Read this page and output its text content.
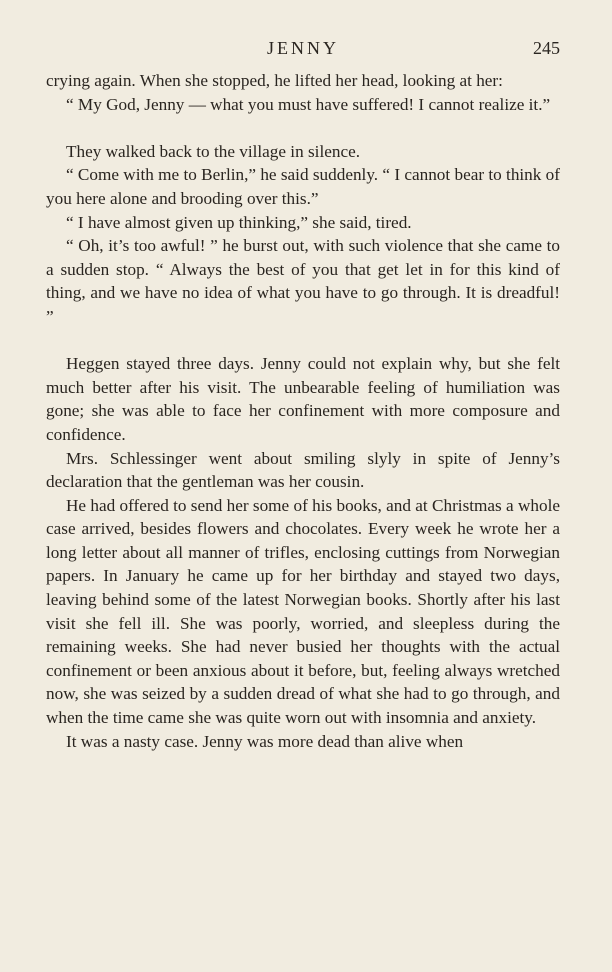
JENNY	245

crying again. When she stopped, he lifted her head, looking at her:

“ My God, Jenny — what you must have suffered! I cannot realize it.”

They walked back to the village in silence.

“ Come with me to Berlin,” he said suddenly. “ I cannot bear to think of you here alone and brooding over this.”

“ I have almost given up thinking,” she said, tired.

“ Oh, it’s too awful! ” he burst out, with such violence that she came to a sudden stop. “ Always the best of you that get let in for this kind of thing, and we have no idea of what you have to go through. It is dreadful! ”

Heggen stayed three days. Jenny could not explain why, but she felt much better after his visit. The unbearable feeling of humiliation was gone; she was able to face her confinement with more composure and confidence.

Mrs. Schlessinger went about smiling slyly in spite of Jenny’s declaration that the gentleman was her cousin.

He had offered to send her some of his books, and at Christmas a whole case arrived, besides flowers and chocolates. Every week he wrote her a long letter about all manner of trifles, enclosing cuttings from Norwegian papers. In January he came up for her birthday and stayed two days, leaving behind some of the latest Norwegian books. Shortly after his last visit she fell ill. She was poorly, worried, and sleepless during the remaining weeks. She had never busied her thoughts with the actual confinement or been anxious about it before, but, feeling always wretched now, she was seized by a sudden dread of what she had to go through, and when the time came she was quite worn out with insomnia and anxiety.

It was a nasty case. Jenny was more dead than alive when
